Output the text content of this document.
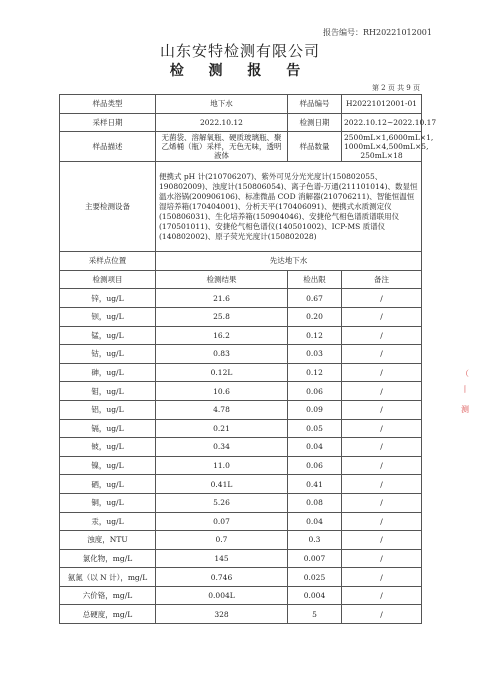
报告编号：RH20221012001
山东安特检测有限公司
检 测 报 告
第 2 页 共 9 页
样品类型	地下水	样品编号	H20221012001-01
采样日期	2022.10.12	检测日期	2022.10.12~2022.10.17
样品描述	无菌袋、溶解氧瓶、硬质玻璃瓶、聚乙烯桶（瓶）采样，无色无味，透明液体	样品数量	2500mL×1,6000mL×1, 1000mL×4,500mL×5, 250mL×18
主要检测设备	便携式 pH 计(210706207)、紫外可见分光光度计(150802055、190802009)、浊度计(150806054)、离子色谱-万通(211101014)、数显恒温水浴锅(200906106)、标准微晶 COD 消解器(210706211)、智能恒温恒湿培养箱(170404001)、分析天平(170406091)、便携式水质测定仪(150806031)、生化培养箱(150904046)、安捷伦气相色谱质谱联用仪(170501011)、安捷伦气相色谱仪(140501002)、ICP-MS 质谱仪(140802002)、原子荧光光度计(150802028)		
采样点位置	先达地下水		
检测项目	检测结果	检出限	备注
锌，ug/L	21.6	0.67	/
钡，ug/L	25.8	0.20	/
锰，ug/L	16.2	0.12	/
钴，ug/L	0.83	0.03	/
砷，ug/L	0.12L	0.12	/
钼，ug/L	10.6	0.06	/
铝，ug/L	4.78	0.09	/
镉，ug/L	0.21	0.05	/
铍，ug/L	0.34	0.04	/
镍，ug/L	11.0	0.06	/
硒，ug/L	0.41L	0.41	/
铜，ug/L	5.26	0.08	/
汞，ug/L	0.07	0.04	/
浊度，NTU	0.7	0.3	/
氯化物，mg/L	145	0.007	/
氨氮（以 N 计），mg/L	0.746	0.025	/
六价铬，mg/L	0.004L	0.004	/
总硬度，mg/L	328	5	/
（
丨
测
